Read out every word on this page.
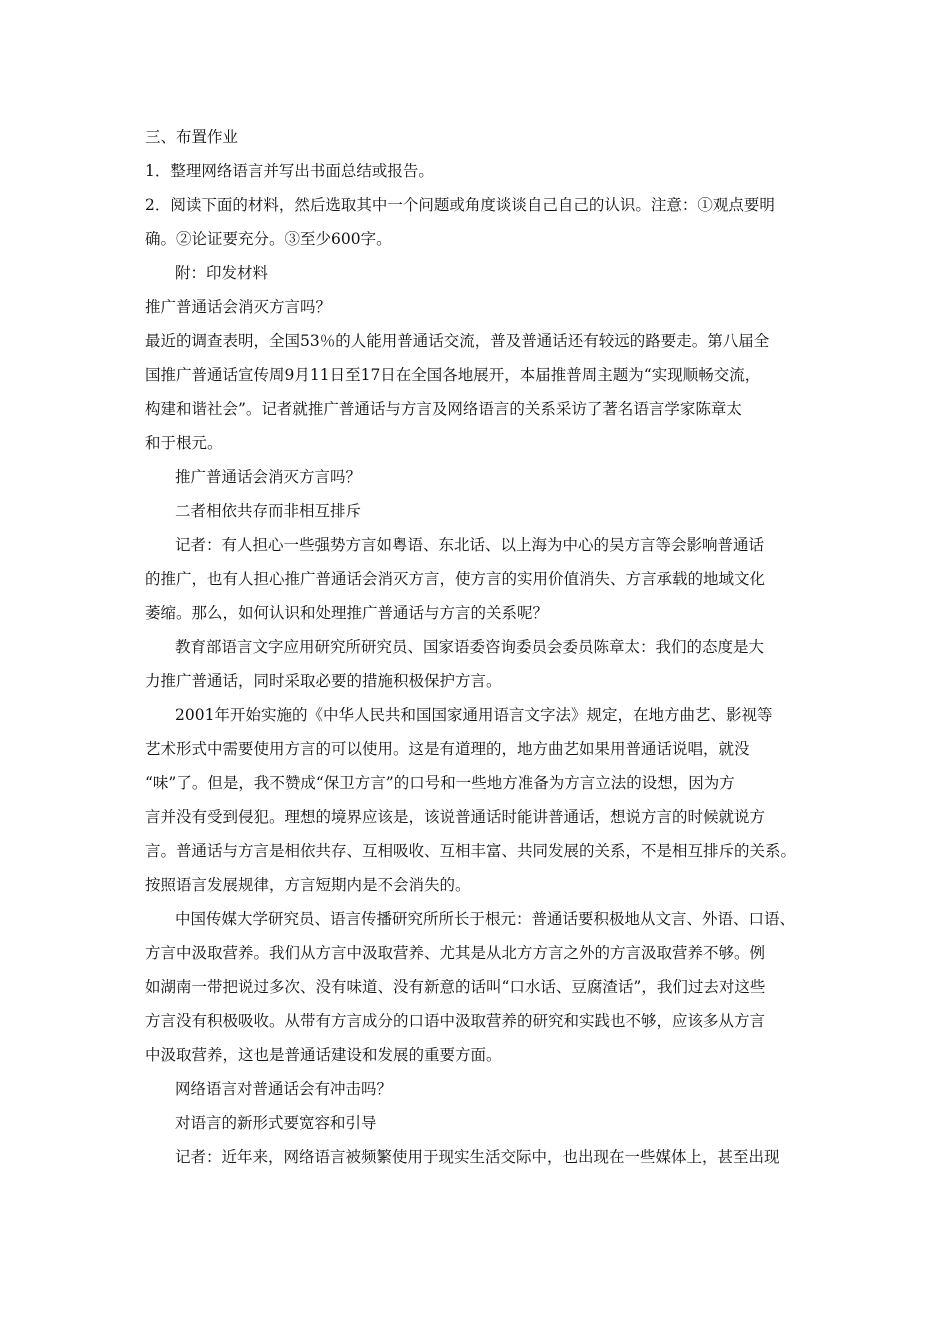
三、布置作业
1．整理网络语言并写出书面总结或报告。
2．阅读下面的材料，然后选取其中一个问题或角度谈谈自己自己的认识。注意：①观点要明
确。②论证要充分。③至少600字。
附：印发材料
推广普通话会消灭方言吗？
最近的调查表明，全国53％的人能用普通话交流，普及普通话还有较远的路要走。第八届全
国推广普通话宣传周9月11日至17日在全国各地展开，本届推普周主题为“实现顺畅交流，
构建和谐社会”。记者就推广普通话与方言及网络语言的关系采访了著名语言学家陈章太
和于根元。
推广普通话会消灭方言吗？
二者相依共存而非相互排斥
记者：有人担心一些强势方言如粤语、东北话、以上海为中心的吴方言等会影响普通话
的推广，也有人担心推广普通话会消灭方言，使方言的实用价值消失、方言承载的地域文化
萎缩。那么，如何认识和处理推广普通话与方言的关系呢？
教育部语言文字应用研究所研究员、国家语委咨询委员会委员陈章太：我们的态度是大
力推广普通话，同时采取必要的措施积极保护方言。
2001年开始实施的《中华人民共和国国家通用语言文字法》规定，在地方曲艺、影视等
艺术形式中需要使用方言的可以使用。这是有道理的，地方曲艺如果用普通话说唱，就没
“味”了。但是，我不赞成“保卫方言”的口号和一些地方准备为方言立法的设想，因为方
言并没有受到侵犯。理想的境界应该是，该说普通话时能讲普通话，想说方言的时候就说方
言。普通话与方言是相依共存、互相吸收、互相丰富、共同发展的关系，不是相互排斥的关系。
按照语言发展规律，方言短期内是不会消失的。
中国传媒大学研究员、语言传播研究所所长于根元：普通话要积极地从文言、外语、口语、
方言中汲取营养。我们从方言中汲取营养、尤其是从北方方言之外的方言汲取营养不够。例
如湖南一带把说过多次、没有味道、没有新意的话叫“口水话、豆腐渣话”，我们过去对这些
方言没有积极吸收。从带有方言成分的口语中汲取营养的研究和实践也不够，应该多从方言
中汲取营养，这也是普通话建设和发展的重要方面。
网络语言对普通话会有冲击吗？
对语言的新形式要宽容和引导
记者：近年来，网络语言被频繁使用于现实生活交际中，也出现在一些媒体上，甚至出现
